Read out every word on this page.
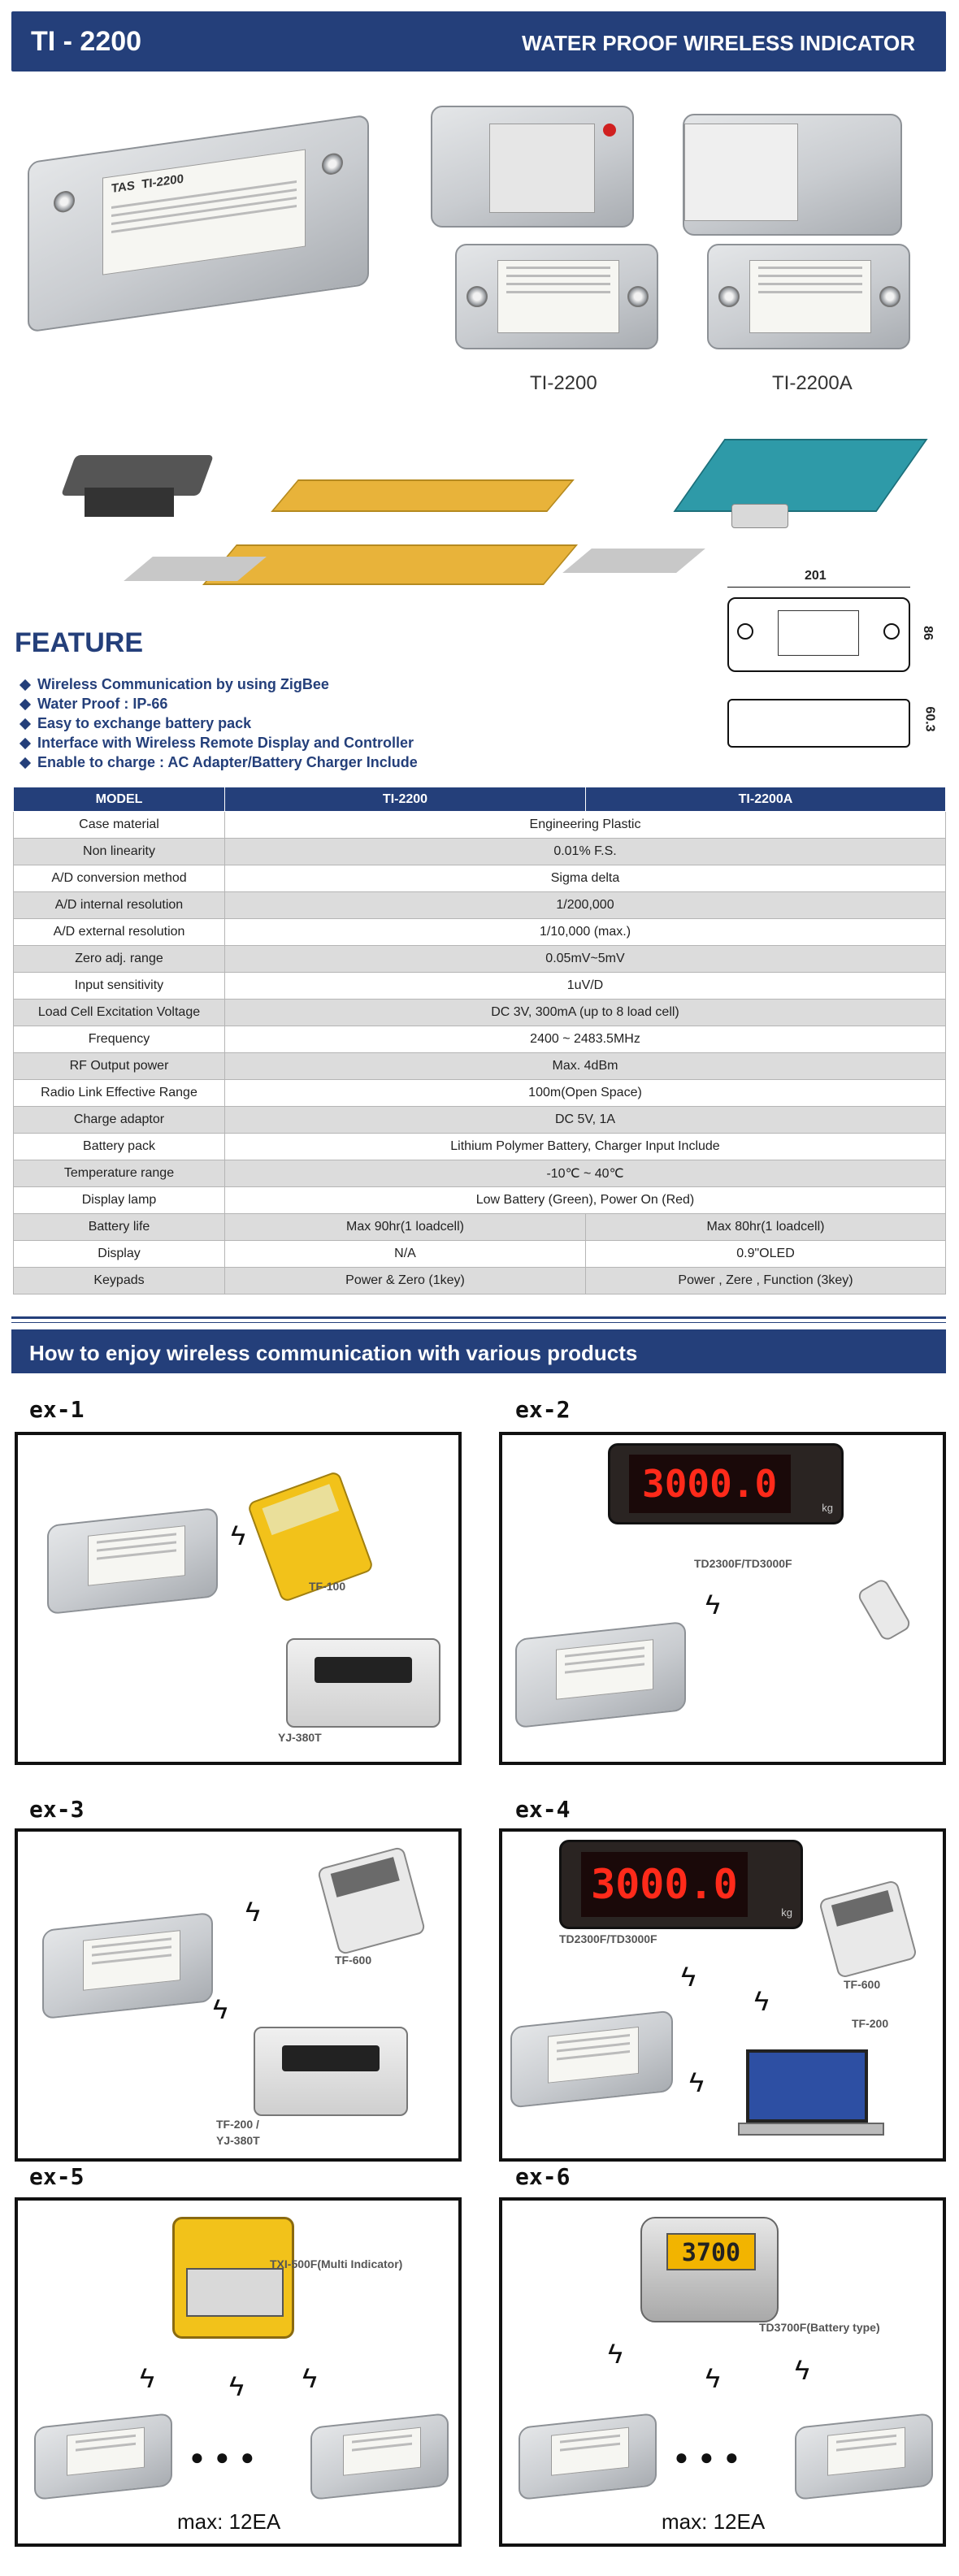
TI - 2200	WATER PROOF WIRELESS INDICATOR
TAS TI-2200
TI-2200	TI-2200A
201
86
60.3
FEATURE
Wireless Communication by using ZigBee
Water Proof : IP-66
Easy to exchange battery pack
Interface with Wireless Remote Display and Controller
Enable to charge : AC Adapter/Battery Charger Include
MODEL	TI-2200	TI-2200A
Case material	Engineering Plastic	
Non linearity	0.01% F.S.	
A/D conversion method	Sigma delta	
A/D internal resolution	1/200,000	
A/D external resolution	1/10,000 (max.)	
Zero adj. range	0.05mV~5mV	
Input sensitivity	1uV/D	
Load Cell Excitation Voltage	DC 3V, 300mA (up to 8 load cell)	
Frequency	2400 ~ 2483.5MHz	
RF Output power	Max. 4dBm	
Radio Link Effective Range	100m(Open Space)	
Charge adaptor	DC 5V, 1A	
Battery pack	Lithium Polymer Battery, Charger Input Include	
Temperature range	-10℃ ~ 40℃	
Display lamp	Low Battery (Green), Power On (Red)	
Battery life	Max 90hr(1 loadcell)	Max 80hr(1 loadcell)
Display	N/A	0.9"OLED
Keypads	Power & Zero (1key)	Power , Zere , Function (3key)
How to enjoy wireless communication with various products
ex-1
ϟ
TF-100
YJ-380T
ex-2
3000.0
kg
TD2300F/TD3000F
ϟ
ex-3
ϟ
TF-600
ϟ
TF-200 /
YJ-380T
ex-4
3000.0
kg
TD2300F/TD3000F
ϟ	TF-600
ϟ
ϟ
TF-200
ex-5
TXI-500F(Multi Indicator)
ϟ	ϟ ϟ
●●●
max: 12EA
ex-6
3700
TD3700F(Battery type)
ϟ
ϟ	ϟ
●●●
max: 12EA
